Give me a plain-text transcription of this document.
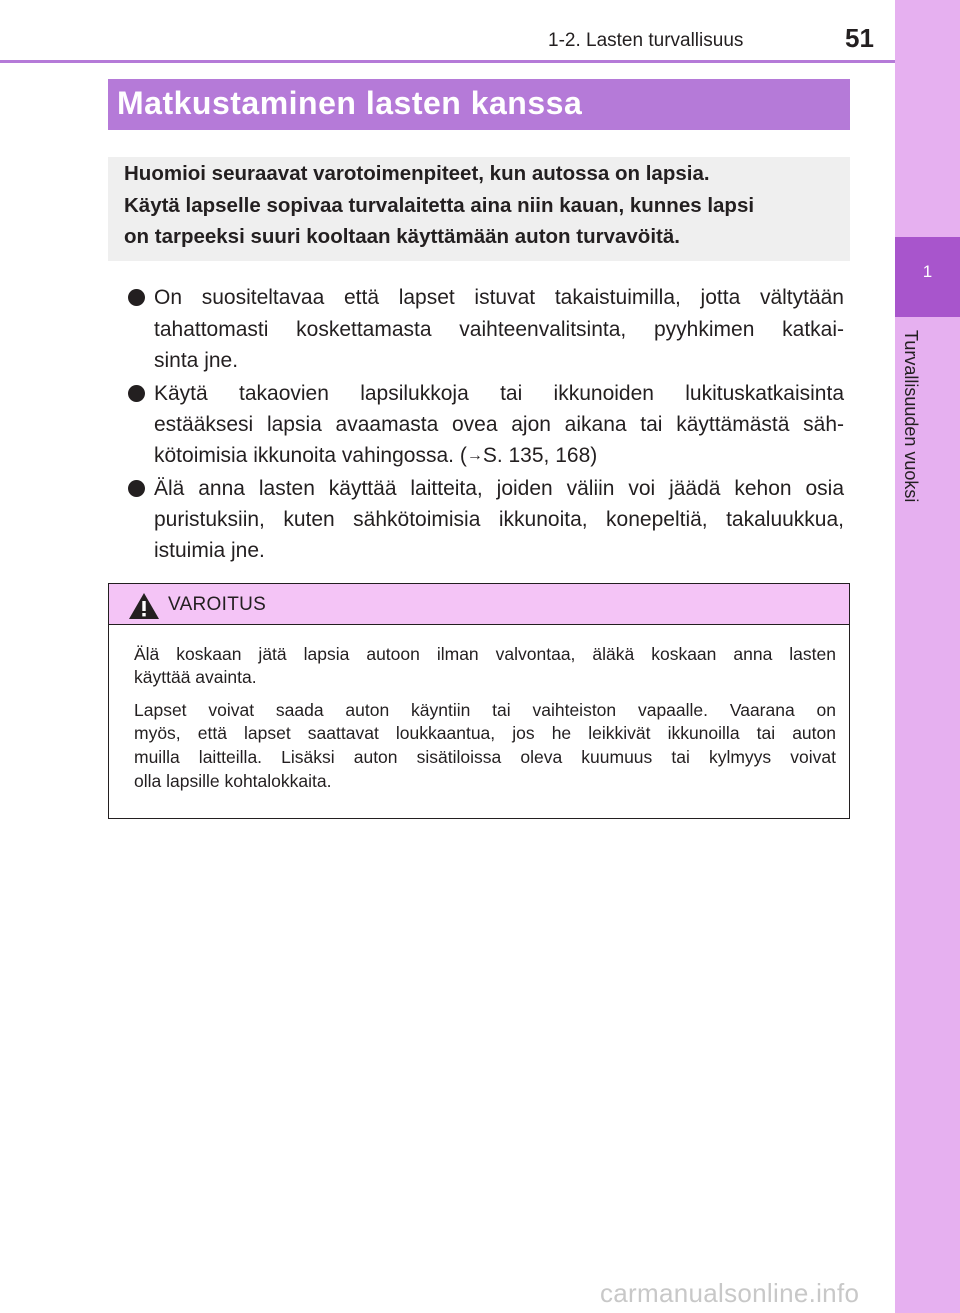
1-2. Lasten turvallisuus	51
1
Turvallisuuden vuoksi
Matkustaminen lasten kanssa
Huomioi seuraavat varotoimenpiteet, kun autossa on lapsia.
Käytä lapselle sopivaa turvalaitetta aina niin kauan, kunnes lapsi
on tarpeeksi suuri kooltaan käyttämään auton turvavöitä.
On suositeltavaa että lapset istuvat takaistuimilla, jotta vältytään
tahattomasti koskettamasta vaihteenvalitsinta, pyyhkimen katkai-
sinta jne.
Käytä takaovien lapsilukkoja tai ikkunoiden lukituskatkaisinta
estääksesi lapsia avaamasta ovea ajon aikana tai käyttämästä säh-
kötoimisia ikkunoita vahingossa. (→S. 135, 168)
Älä anna lasten käyttää laitteita, joiden väliin voi jäädä kehon osia
puristuksiin, kuten sähkötoimisia ikkunoita, konepeltiä, takaluukkua,
istuimia jne.
VAROITUS
Älä koskaan jätä lapsia autoon ilman valvontaa, äläkä koskaan anna lasten
käyttää avainta.
Lapset voivat saada auton käyntiin tai vaihteiston vapaalle. Vaarana on
myös, että lapset saattavat loukkaantua, jos he leikkivät ikkunoilla tai auton
muilla laitteilla. Lisäksi auton sisätiloissa oleva kuumuus tai kylmyys voivat
olla lapsille kohtalokkaita.
carmanualsonline.info
